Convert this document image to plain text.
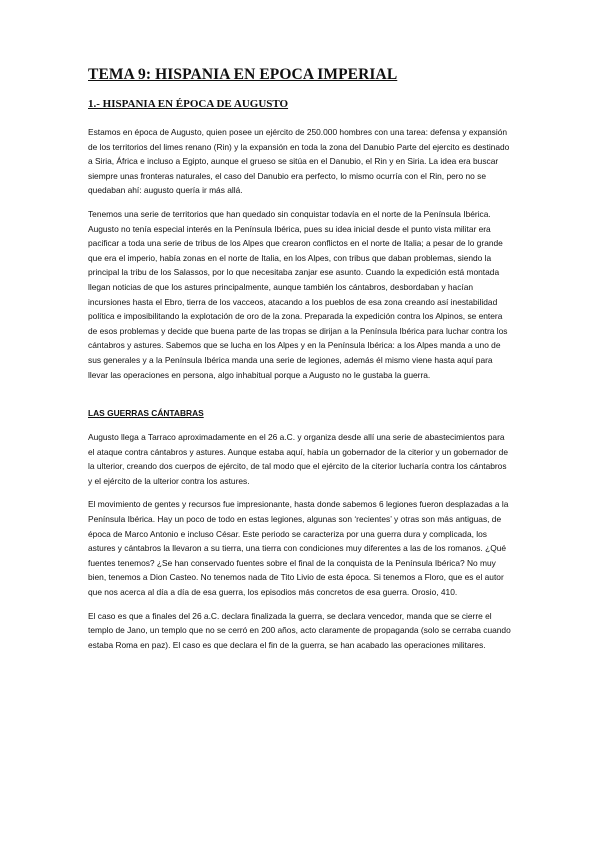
TEMA 9: HISPANIA EN EPOCA IMPERIAL
1.- HISPANIA EN ÉPOCA DE AUGUSTO

Estamos en época de Augusto, quien posee un ejército de 250.000 hombres con una tarea: defensa y expansión de los territorios del limes renano (Rin) y la expansión en toda la zona del Danubio Parte del ejercito es destinado a Siria, África e incluso a Egipto, aunque el grueso se sitúa en el Danubio, el Rin y en Siria. La idea era buscar siempre unas fronteras naturales, el caso del Danubio era perfecto, lo mismo ocurría con el Rin, pero no se quedaban ahí: augusto quería ir más allá.

Tenemos una serie de territorios que han quedado sin conquistar todavía en el norte de la Península Ibérica. Augusto no tenía especial interés en la Península Ibérica, pues su idea inicial desde el punto vista militar era pacificar a toda una serie de tribus de los Alpes que crearon conflictos en el norte de Italia; a pesar de lo grande que era el imperio, había zonas en el norte de Italia, en los Alpes, con tribus que daban problemas, siendo la principal la tribu de los Salassos, por lo que necesitaba zanjar ese asunto. Cuando la expedición está montada llegan noticias de que los astures principalmente, aunque también los cántabros, desbordaban y hacían incursiones hasta el Ebro, tierra de los vacceos, atacando a los pueblos de esa zona creando así inestabilidad política e imposibilitando la explotación de oro de la zona. Preparada la expedición contra los Alpinos, se entera de esos problemas y decide que buena parte de las tropas se dirijan a la Península Ibérica para luchar contra los cántabros y astures. Sabemos que se lucha en los Alpes y en la Península Ibérica: a los Alpes manda a uno de sus generales y a la Península Ibérica manda una serie de legiones, además él mismo viene hasta aquí para llevar las operaciones en persona, algo inhabitual porque a Augusto no le gustaba la guerra.

LAS GUERRAS CÁNTABRAS

Augusto llega a Tarraco aproximadamente en el 26 a.C. y organiza desde allí una serie de abastecimientos para el ataque contra cántabros y astures. Aunque estaba aquí, había un gobernador de la citerior y un gobernador de la ulterior, creando dos cuerpos de ejército, de tal modo que el ejército de la citerior lucharía contra los cántabros y el ejército de la ulterior contra los astures.

El movimiento de gentes y recursos fue impresionante, hasta donde sabemos 6 legiones fueron desplazadas a la Península Ibérica. Hay un poco de todo en estas legiones, algunas son ‘recientes’ y otras son más antiguas, de época de Marco Antonio e incluso César. Este periodo se caracteriza por una guerra dura y complicada, los astures y cántabros la llevaron a su tierra, una tierra con condiciones muy diferentes a las de los romanos. ¿Qué fuentes tenemos? ¿Se han conservado fuentes sobre el final de la conquista de la Península Ibérica? No muy bien, tenemos a Dion Casteo. No tenemos nada de Tito Livio de esta época. Si tenemos a Floro, que es el autor que nos acerca al día a día de esa guerra, los episodios más concretos de esa guerra. Orosio, 410.

El caso es que a finales del 26 a.C. declara finalizada la guerra, se declara vencedor, manda que se cierre el templo de Jano, un templo que no se cerró en 200 años, acto claramente de propaganda (solo se cerraba cuando estaba Roma en paz). El caso es que declara el fin de la guerra, se han acabado las operaciones militares.
